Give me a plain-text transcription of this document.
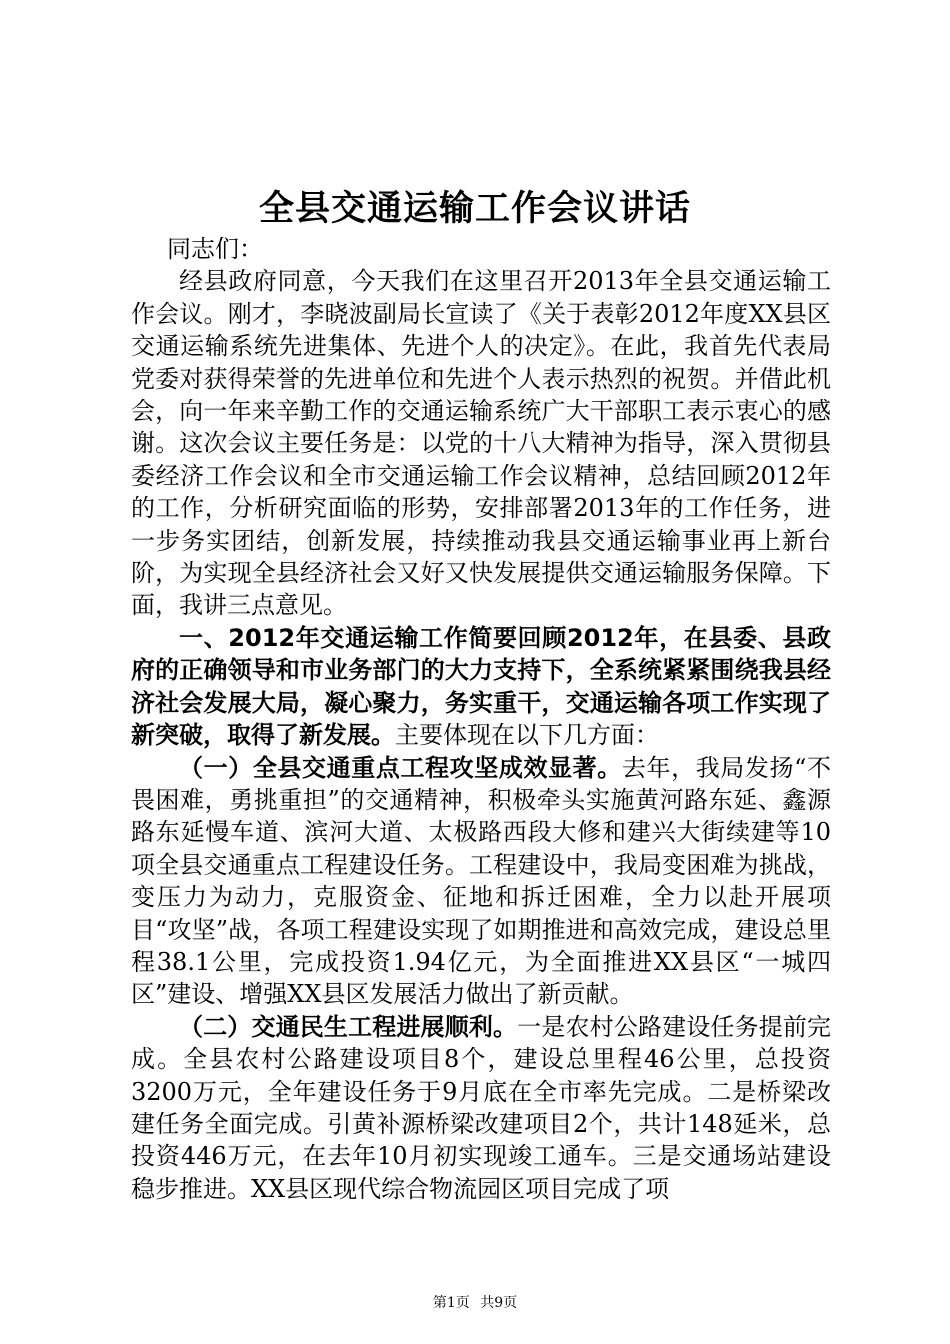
全县交通运输工作会议讲话

同志们：

经县政府同意，今天我们在这里召开2013年全县交通运输工作会议。刚才，李晓波副局长宣读了《关于表彰2012年度XX县区交通运输系统先进集体、先进个人的决定》。在此，我首先代表局党委对获得荣誉的先进单位和先进个人表示热烈的祝贺。并借此机会，向一年来辛勤工作的交通运输系统广大干部职工表示衷心的感谢。这次会议主要任务是：以党的十八大精神为指导，深入贯彻县委经济工作会议和全市交通运输工作会议精神，总结回顾2012年的工作，分析研究面临的形势，安排部署2013年的工作任务，进一步务实团结，创新发展，持续推动我县交通运输事业再上新台阶，为实现全县经济社会又好又快发展提供交通运输服务保障。下面，我讲三点意见。

一、2012年交通运输工作简要回顾2012年，在县委、县政府的正确领导和市业务部门的大力支持下，全系统紧紧围绕我县经济社会发展大局，凝心聚力，务实重干，交通运输各项工作实现了新突破，取得了新发展。主要体现在以下几方面：

（一）全县交通重点工程攻坚成效显著。去年，我局发扬“不畏困难，勇挑重担”的交通精神，积极牵头实施黄河路东延、鑫源路东延慢车道、滨河大道、太极路西段大修和建兴大街续建等10项全县交通重点工程建设任务。工程建设中，我局变困难为挑战，变压力为动力，克服资金、征地和拆迁困难，全力以赴开展项目“攻坚”战，各项工程建设实现了如期推进和高效完成，建设总里程38.1公里，完成投资1.94亿元，为全面推进XX县区“一城四区”建设、增强XX县区发展活力做出了新贡献。

（二）交通民生工程进展顺利。一是农村公路建设任务提前完成。全县农村公路建设项目8个，建设总里程46公里，总投资3200万元，全年建设任务于9月底在全市率先完成。二是桥梁改建任务全面完成。引黄补源桥梁改建项目2个，共计148延米，总投资446万元，在去年10月初实现竣工通车。三是交通场站建设稳步推进。XX县区现代综合物流园区项目完成了项

第1页 共9页
